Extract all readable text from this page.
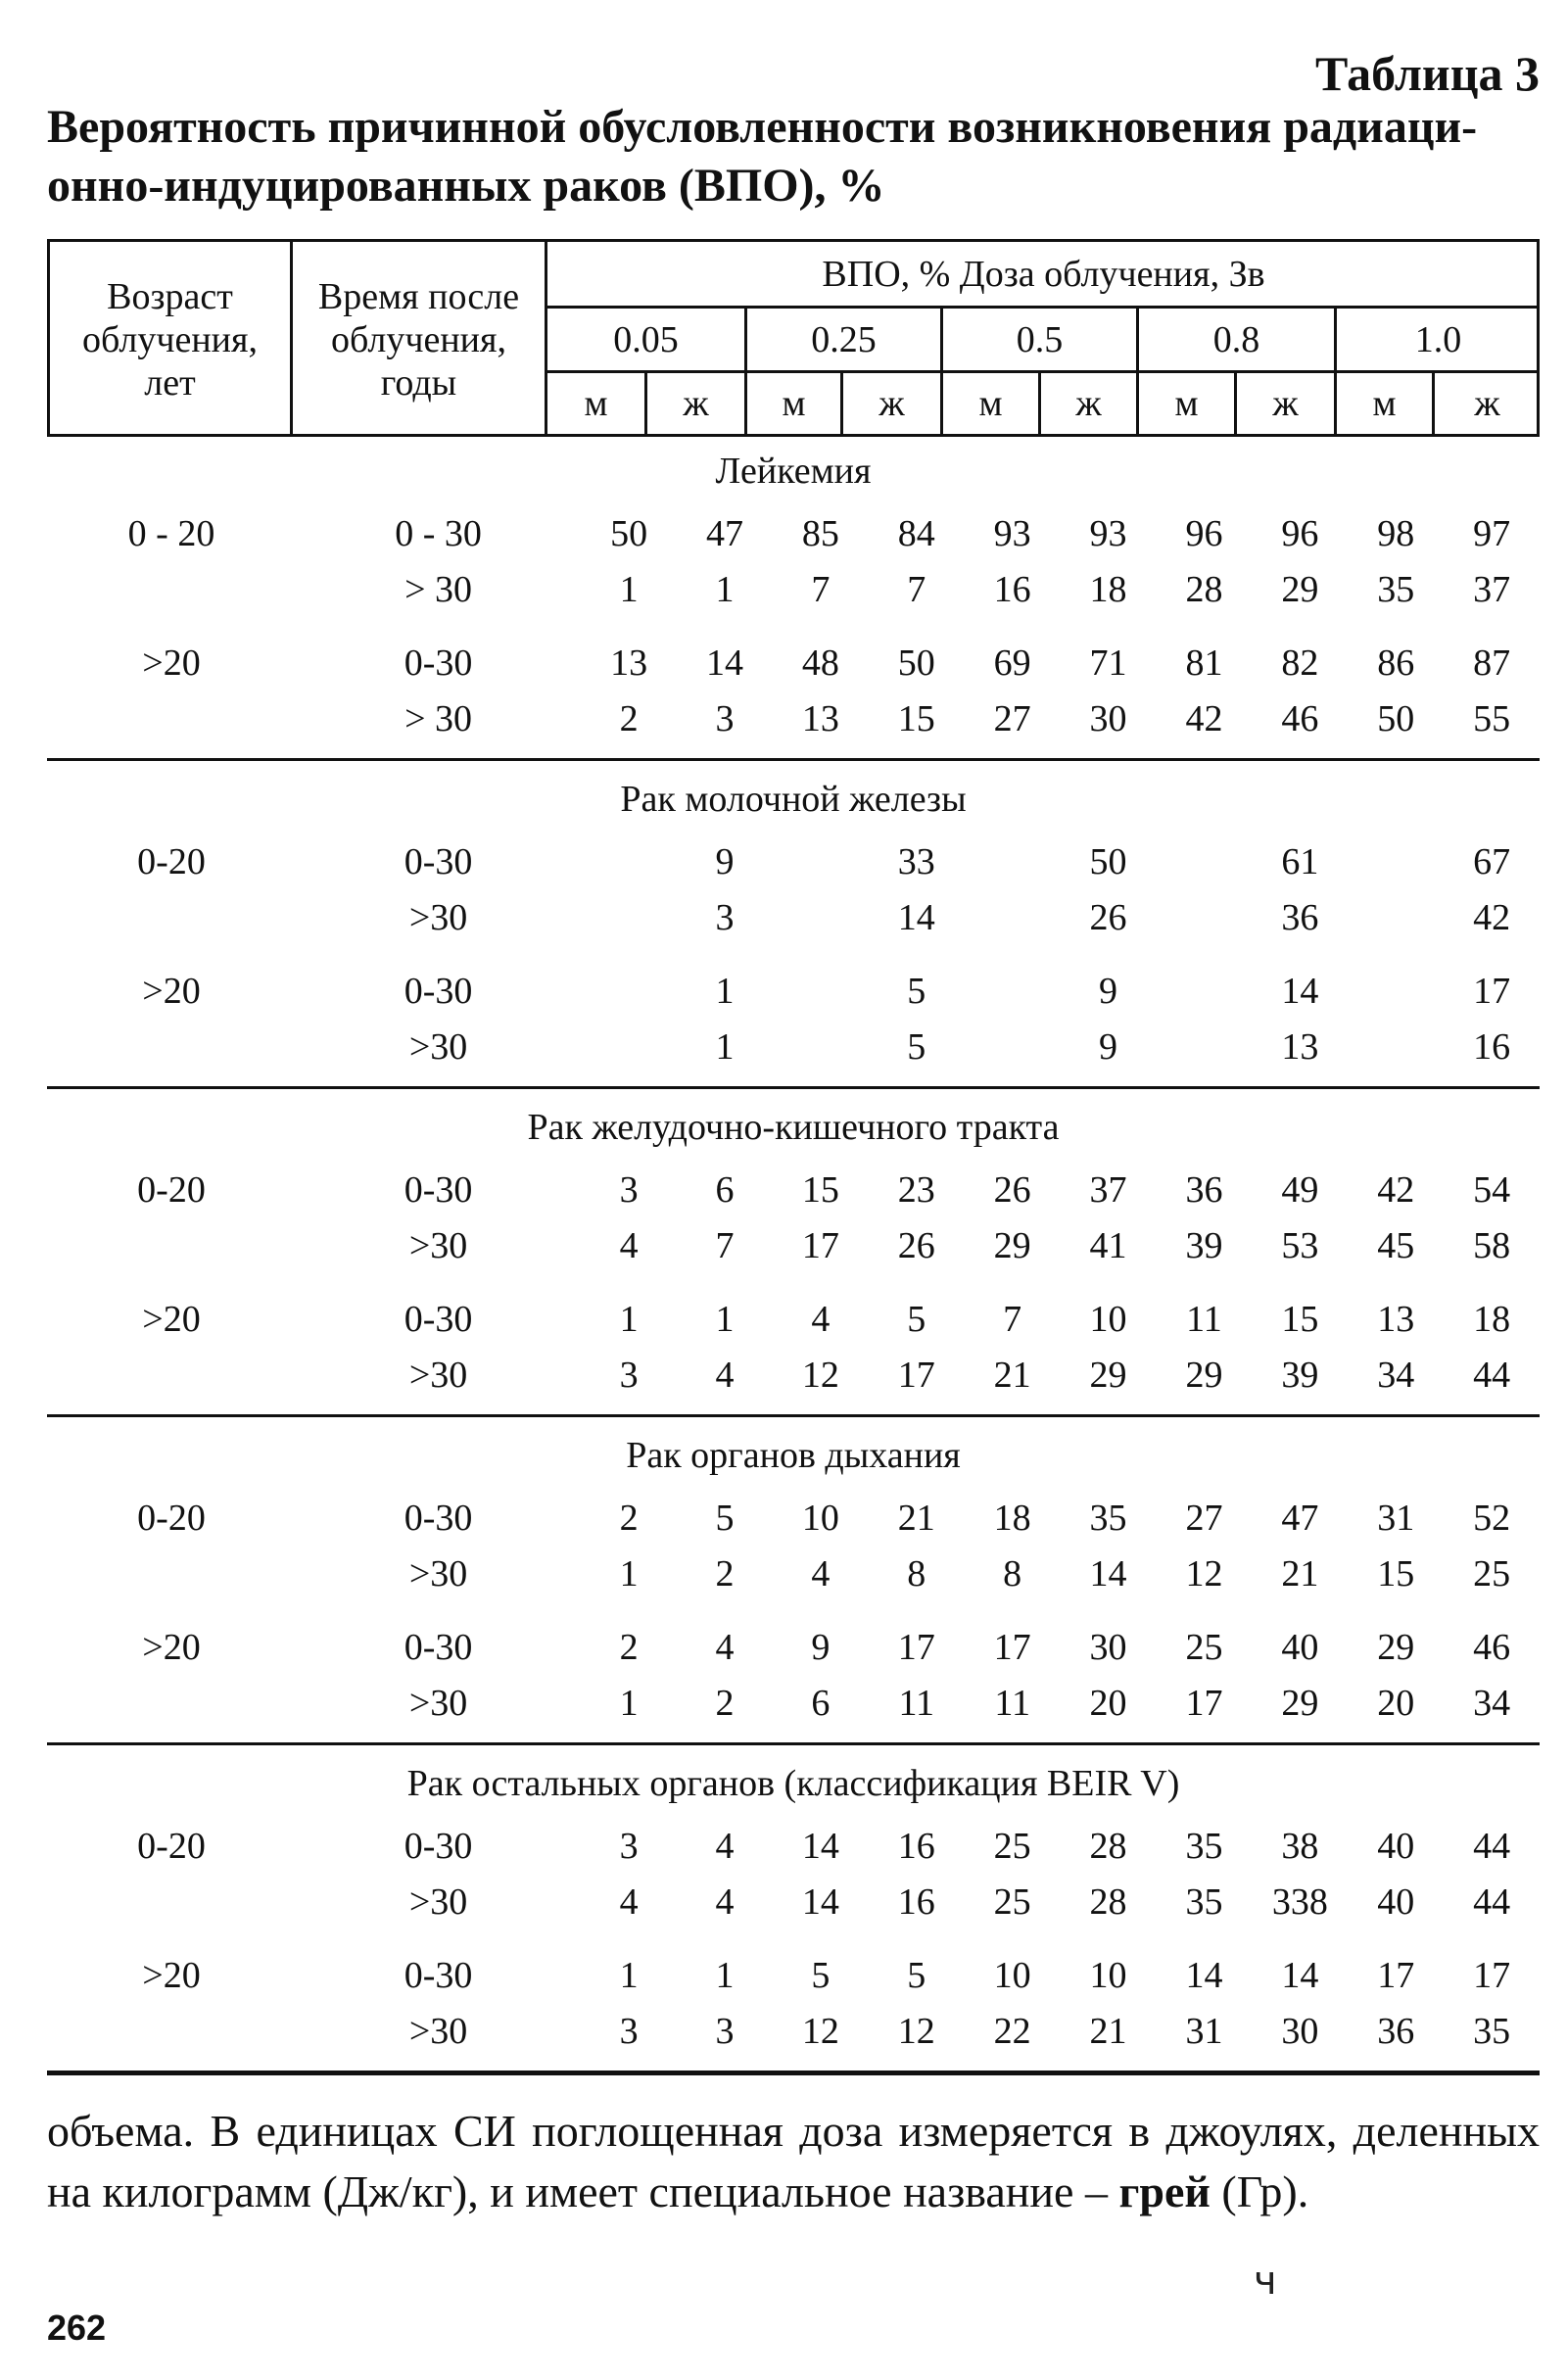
Таблица 3
Вероятность причинной обусловленности возникновения радиаци-онно-индуцированных раков (ВПО), %
Возраст
облучения,
лет
Время после
облучения,
годы
ВПО, % Доза облучения, Зв
0.05	0.25	0.5	0.8	1.0
м	ж	м	ж	м	ж	м	ж	м	ж
Лейкемия
0 - 20	0 - 30	50	47	85	84	93	93	96	96	98	97
> 30	1	1	7	7	16	18	28	29	35	37
>20	0-30	13	14	48	50	69	71	81	82	86	87
> 30	2	3	13	15	27	30	42	46	50	55
Рак молочной железы
0-20	0-30	9	33	50	61	67
>30	3	14	26	36	42
>20	0-30	1	5	9	14	17
>30	1	5	9	13	16
Рак желудочно-кишечного тракта
0-20	0-30	3	6	15	23	26	37	36	49	42	54
>30	4	7	17	26	29	41	39	53	45	58
>20	0-30	1	1	4	5	7	10	11	15	13	18
>30	3	4	12	17	21	29	29	39	34	44
Рак органов дыхания
0-20	0-30	2	5	10	21	18	35	27	47	31	52
>30	1	2	4	8	8	14	12	21	15	25
>20	0-30	2	4	9	17	17	30	25	40	29	46
>30	1	2	6	11	11	20	17	29	20	34
Рак остальных органов (классификация BEIR V)
0-20	0-30	3	4	14	16	25	28	35	38	40	44
>30	4	4	14	16	25	28	35	338	40	44
>20	0-30	1	1	5	5	10	10	14	14	17	17
>30	3	3	12	12	22	21	31	30	36	35
объема. В единицах СИ поглощенная доза измеряется в джоулях, деленных на килограмм (Дж/кг), и имеет специальное название – грей (Гр).
ч
262
